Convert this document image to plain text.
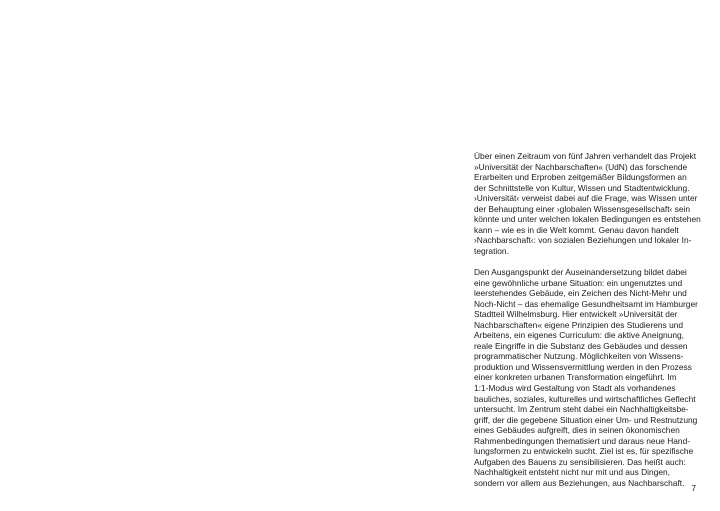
Über einen Zeitraum von fünf Jahren verhandelt das Projekt
»Universität der Nachbarschaften« (UdN) das forschende
Erarbeiten und Erproben zeitgemäßer Bildungsformen an
der Schnittstelle von Kultur, Wissen und Stadtentwicklung.
›Universität‹ verweist dabei auf die Frage, was Wissen unter
der Behauptung einer ›globalen Wissensgesellschaft‹ sein
könnte und unter welchen lokalen Bedingungen es entstehen
kann – wie es in die Welt kommt. Genau davon handelt
›Nachbarschaft‹: von sozialen Beziehungen und lokaler In-
tegration.

Den Ausgangspunkt der Auseinandersetzung bildet dabei
eine gewöhnliche urbane Situation: ein ungenutztes und
leerstehendes Gebäude, ein Zeichen des Nicht-Mehr und
Noch-Nicht – das ehemalige Gesundheitsamt im Hamburger
Stadtteil Wilhelmsburg. Hier entwickelt »Universität der
Nachbarschaften« eigene Prinzipien des Studierens und
Arbeitens, ein eigenes Curriculum: die aktive Aneignung,
reale Eingriffe in die Substanz des Gebäudes und dessen
programmatischer Nutzung. Möglichkeiten von Wissens-
produktion und Wissensvermittlung werden in den Prozess
einer konkreten urbanen Transformation eingeführt. Im
1:1-Modus wird Gestaltung von Stadt als vorhandenes
bauliches, soziales, kulturelles und wirtschaftliches Geflecht
untersucht. Im Zentrum steht dabei ein Nachhaltigkeitsbe-
griff, der die gegebene Situation einer Um- und Restnutzung
eines Gebäudes aufgreift, dies in seinen ökonomischen
Rahmenbedingungen thematisiert und daraus neue Hand-
lungsformen zu entwickeln sucht. Ziel ist es, für spezifische
Aufgaben des Bauens zu sensibilisieren. Das heißt auch:
Nachhaltigkeit entsteht nicht nur mit und aus Dingen,
sondern vor allem aus Beziehungen, aus Nachbarschaft.

7
